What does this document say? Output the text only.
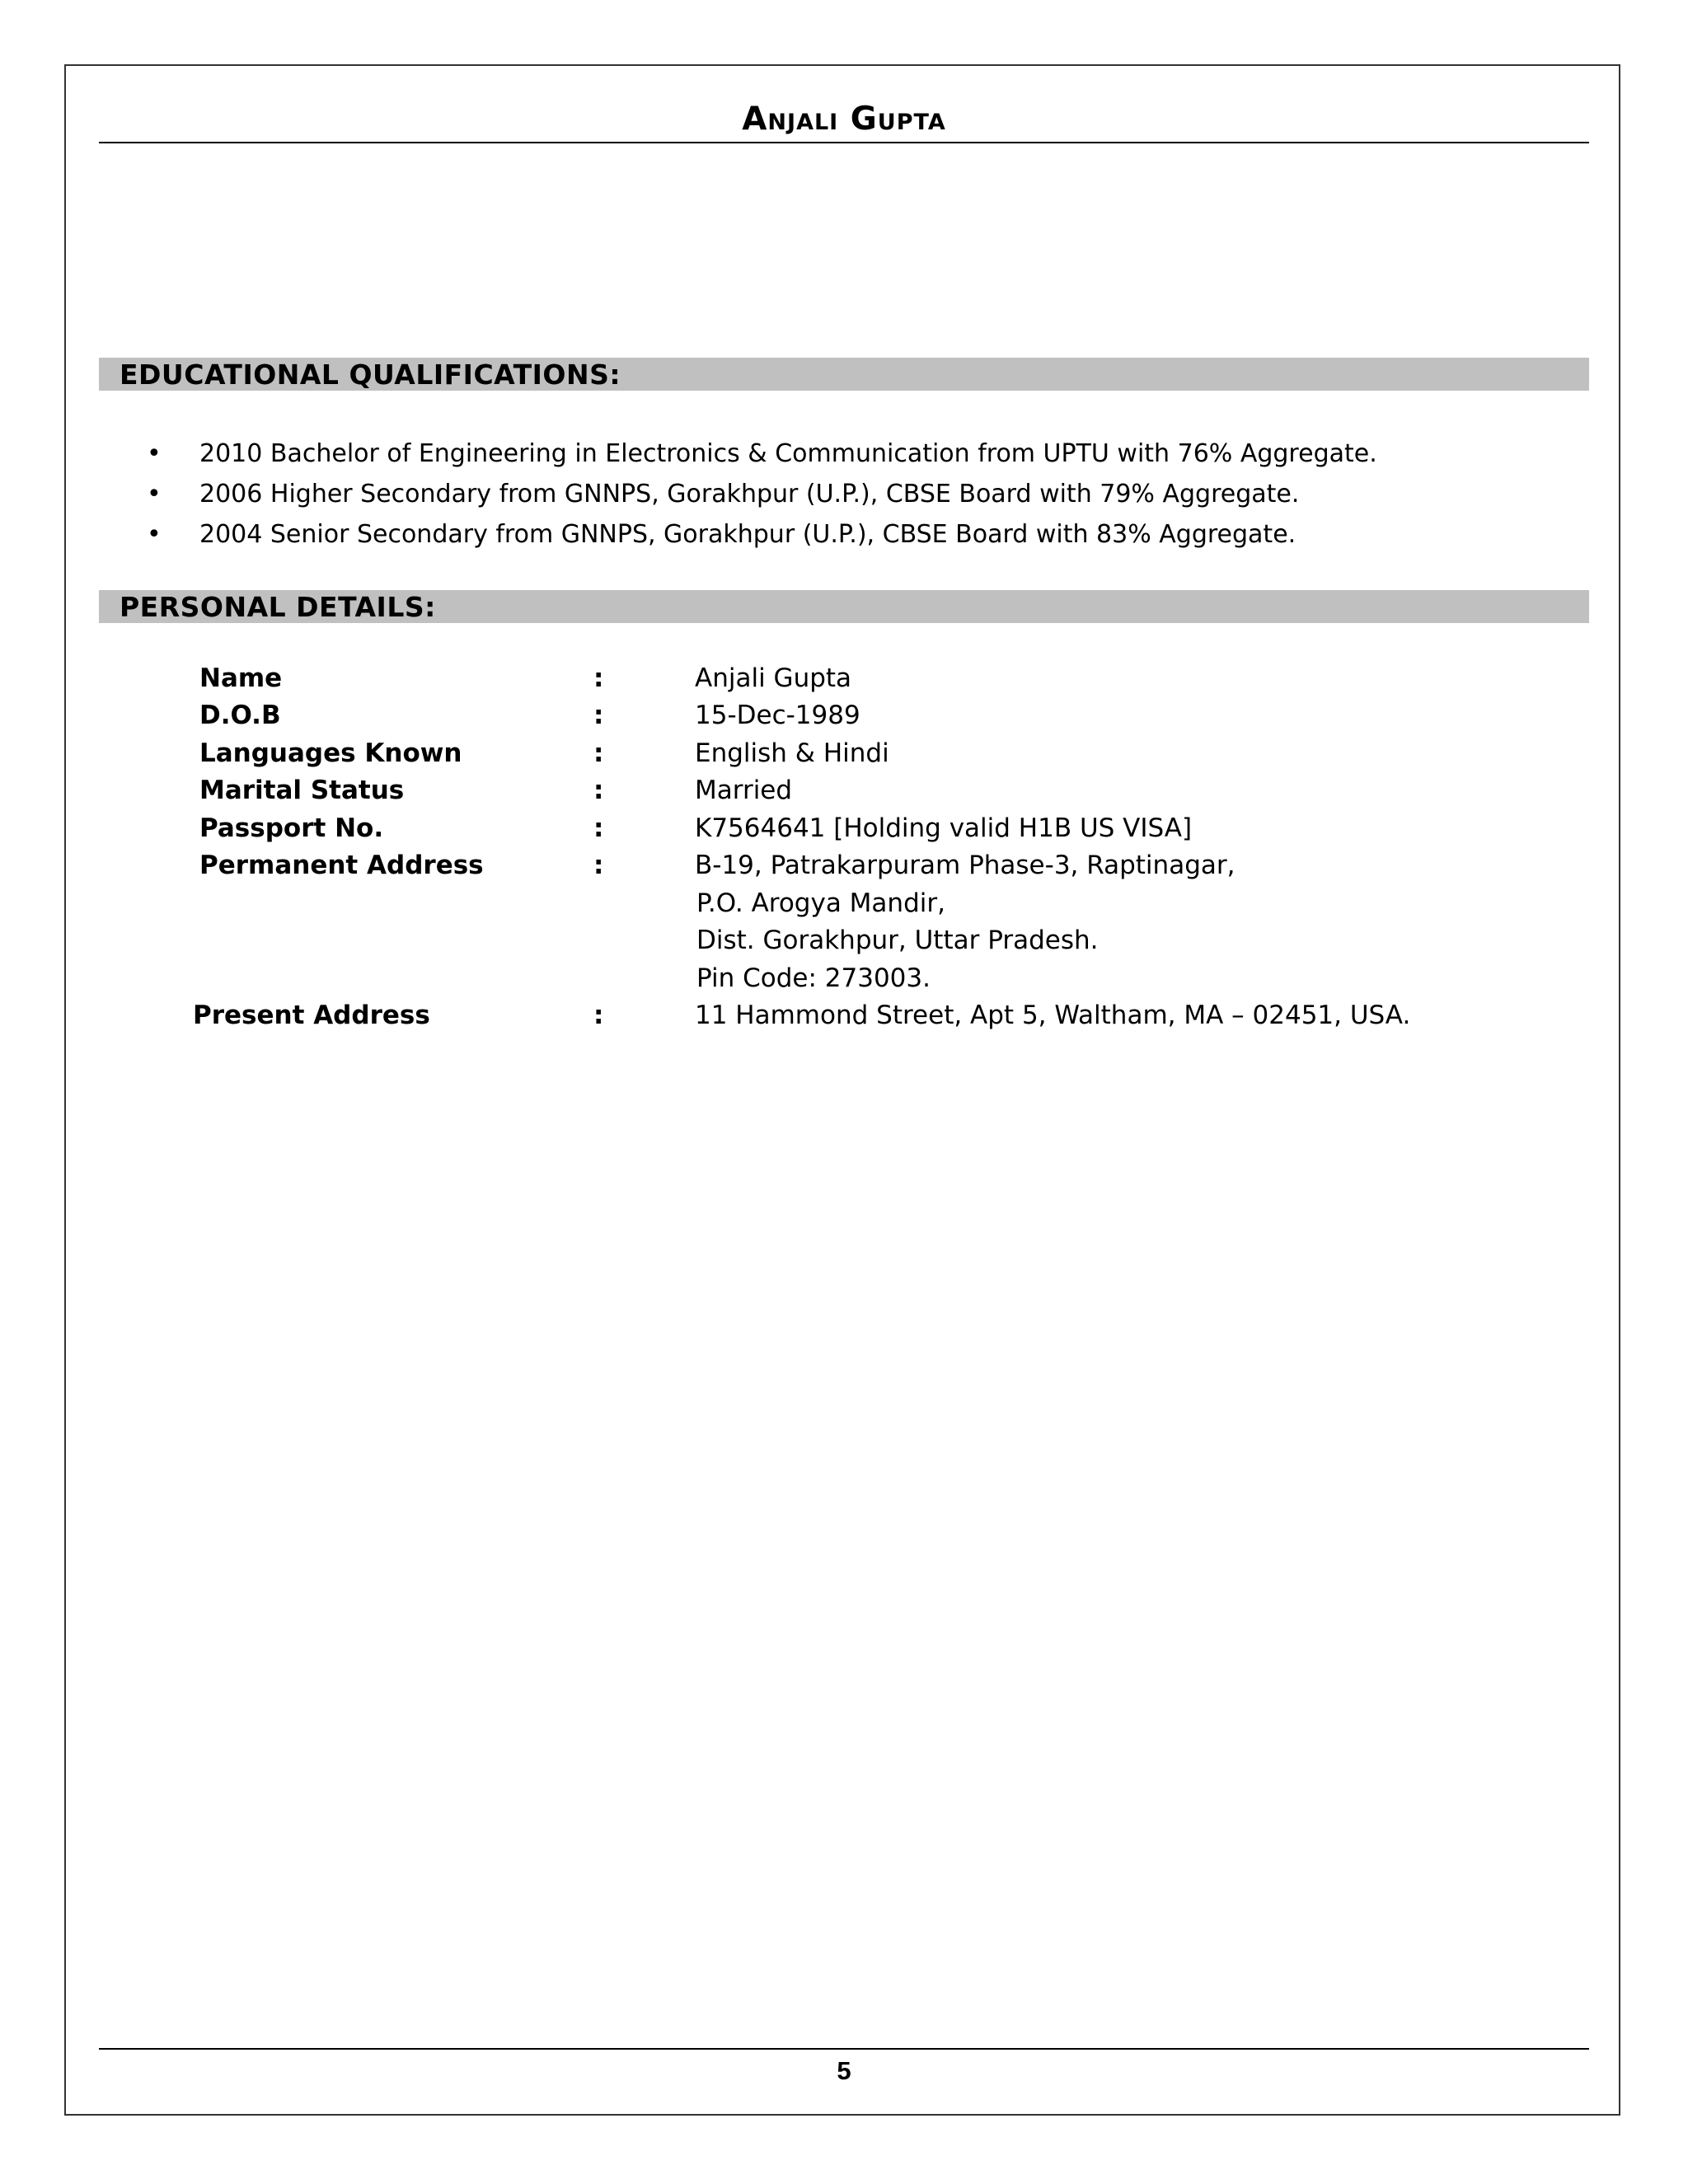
Anjali Gupta
EDUCATIONAL QUALIFICATIONS:
• 2010 Bachelor of Engineering in Electronics & Communication from UPTU with 76% Aggregate.
• 2006 Higher Secondary from GNNPS, Gorakhpur (U.P.), CBSE Board with 79% Aggregate.
• 2004 Senior Secondary from GNNPS, Gorakhpur (U.P.), CBSE Board with 83% Aggregate.
PERSONAL DETAILS:
Name	:	Anjali Gupta
D.O.B	:	15-Dec-1989
Languages Known	:	English & Hindi
Marital Status	:	Married
Passport No.	:	K7564641 [Holding valid H1B US VISA]
Permanent Address	:	B-19, Patrakarpuram Phase-3, Raptinagar,
P.O. Arogya Mandir,
Dist. Gorakhpur, Uttar Pradesh.
Pin Code: 273003.
Present Address	:	11 Hammond Street, Apt 5, Waltham, MA – 02451, USA.
5
